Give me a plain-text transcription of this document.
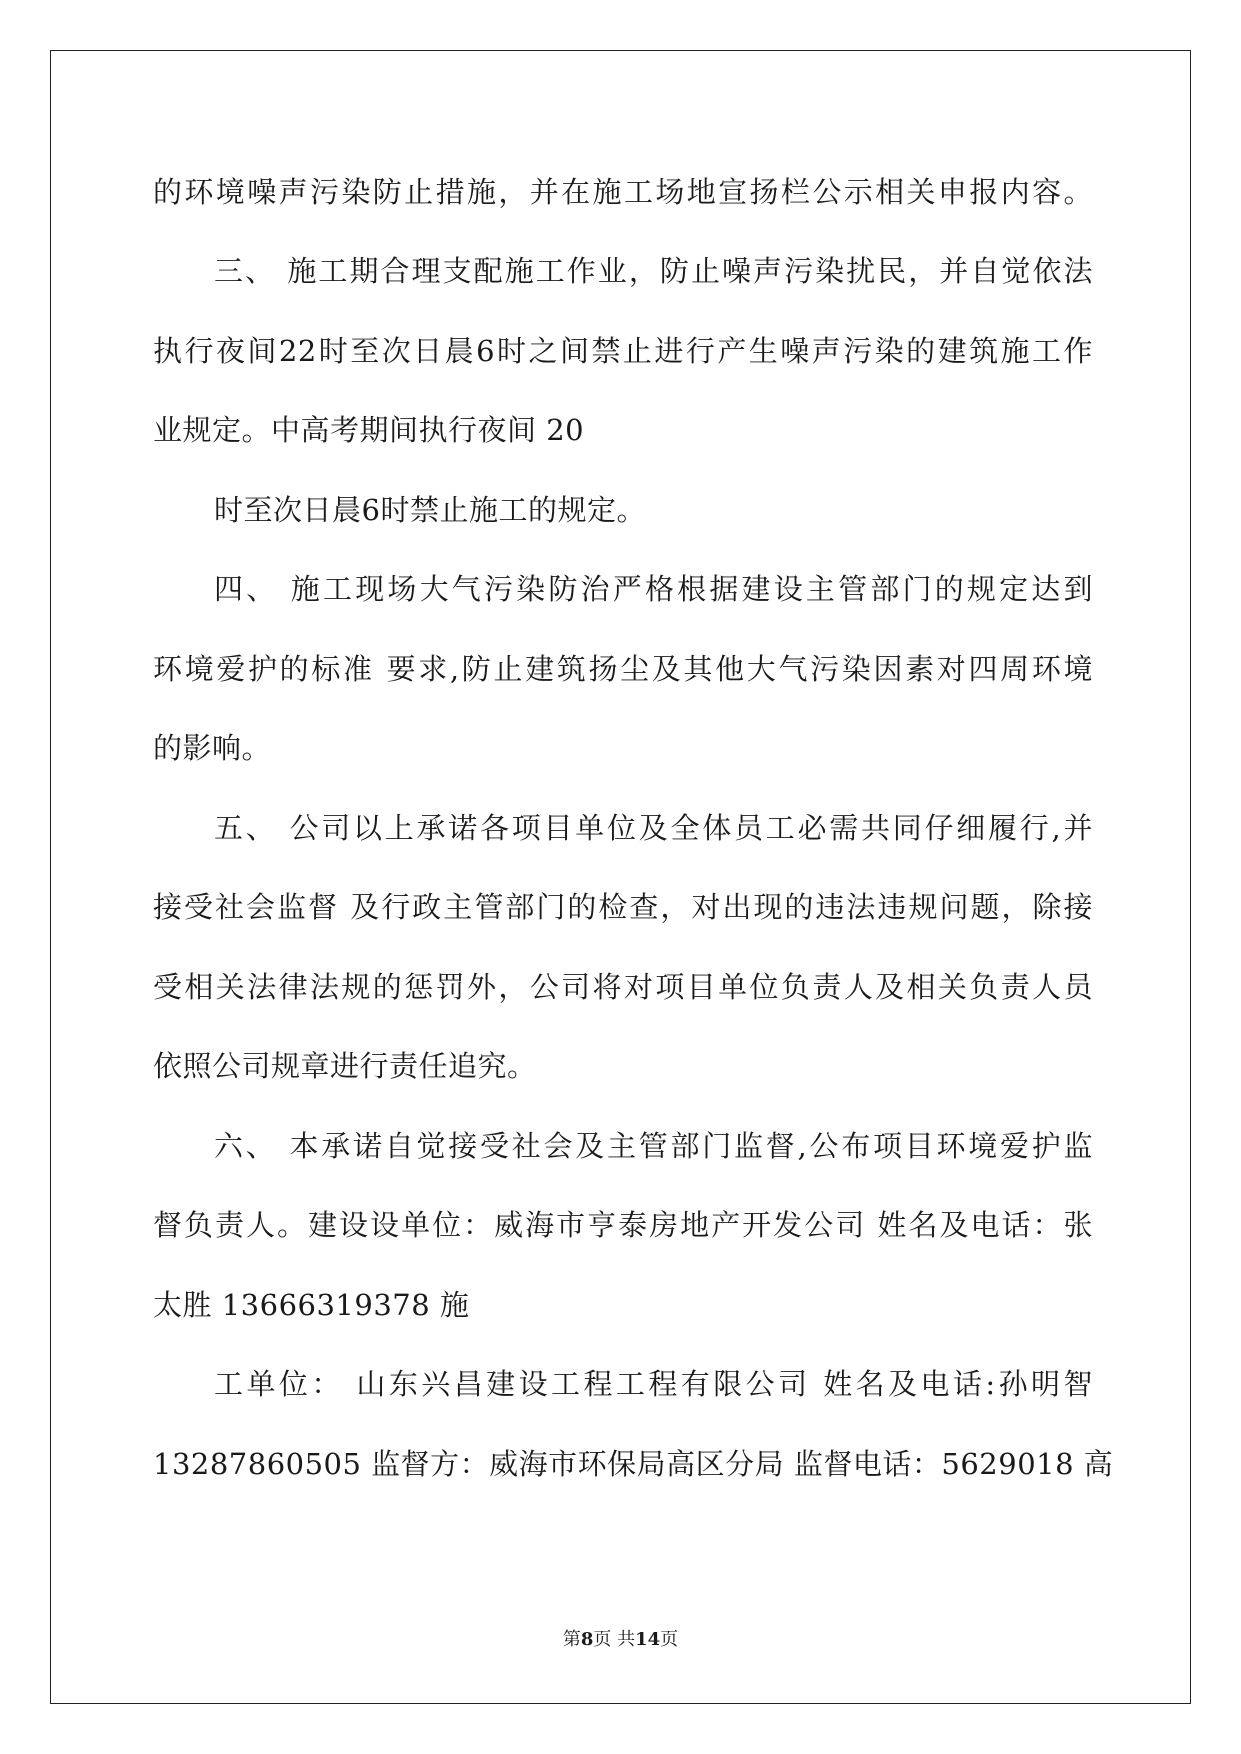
的环境噪声污染防止措施，并在施工场地宣扬栏公示相关申报内容。
三、 施工期合理支配施工作业，防止噪声污染扰民，并自觉依法
执行夜间22时至次日晨6时之间禁止进行产生噪声污染的建筑施工作
业规定。中高考期间执行夜间 20
时至次日晨6时禁止施工的规定。
四、 施工现场大气污染防治严格根据建设主管部门的规定达到
环境爱护的标准 要求,防止建筑扬尘及其他大气污染因素对四周环境
的影响。
五、 公司以上承诺各项目单位及全体员工必需共同仔细履行,并
接受社会监督 及行政主管部门的检查，对出现的违法违规问题，除接
受相关法律法规的惩罚外，公司将对项目单位负责人及相关负责人员
依照公司规章进行责任追究。
六、 本承诺自觉接受社会及主管部门监督,公布项目环境爱护监
督负责人。建设设单位：威海市亨泰房地产开发公司 姓名及电话：张
太胜 13666319378 施
工单位： 山东兴昌建设工程工程有限公司 姓名及电话:孙明智
13287860505 监督方：威海市环保局高区分局 监督电话：5629018 高
第8页 共14页
